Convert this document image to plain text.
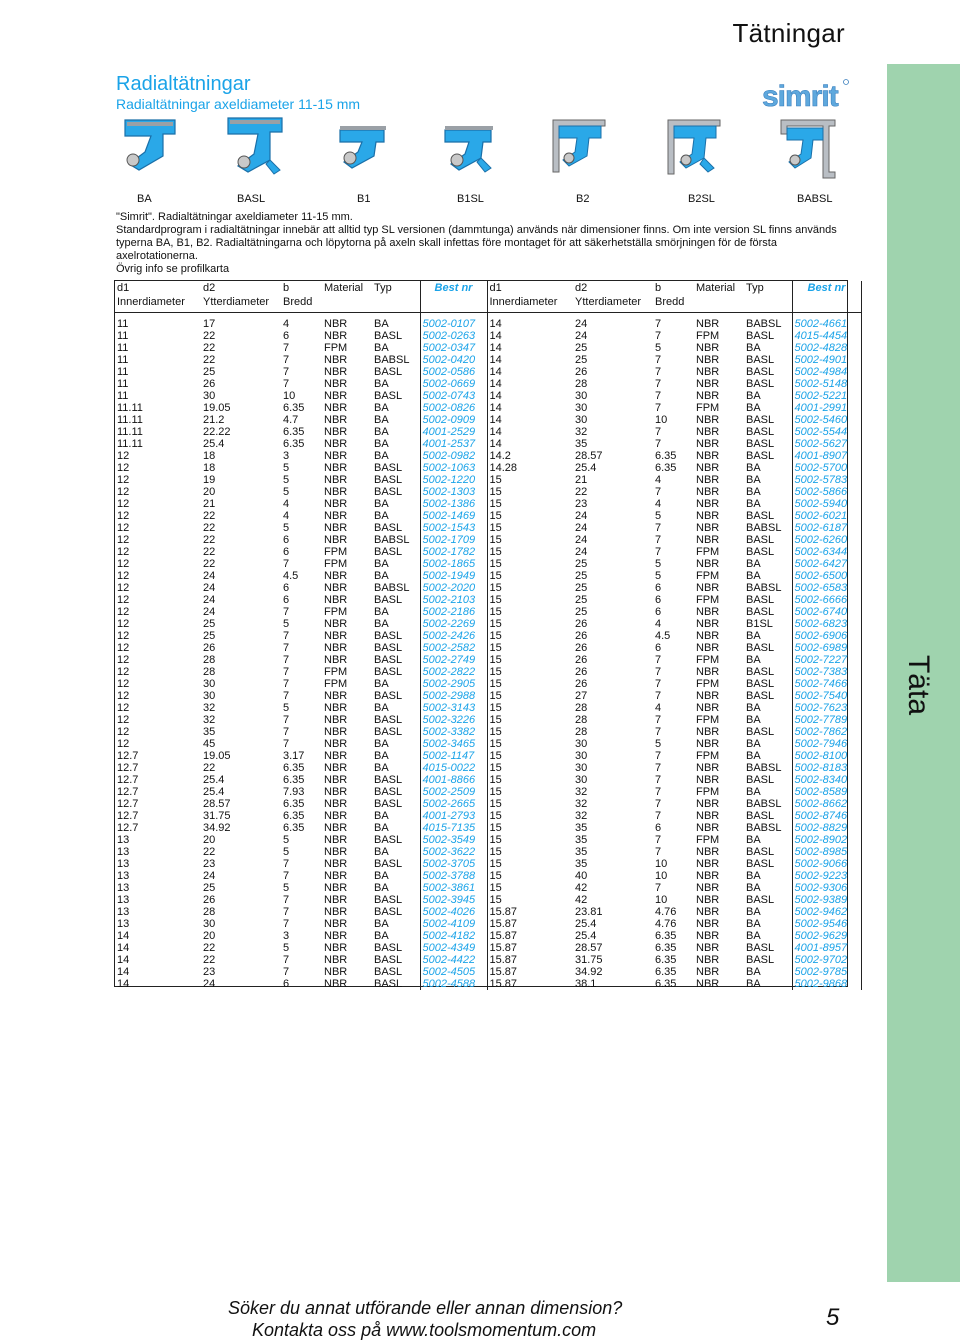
Tätningar
Radialtätningar
Radialtätningar axeldiameter 11-15 mm	simrit
BA	BASL	B1	B1SL	B2	B2SL	BABSL

"Simrit". Radialtätningar axeldiameter 11-15 mm.

Standardprogram i radialtätningar innebär att alltid typ SL versionen (dammtunga) används när dimensioner finns. Om inte version SL finns används typerna BA, B1, B2. Radialtätningarna och löpytorna på axeln skall infettas före montaget för att säkerhetställa smörjningen för de första axelrotationerna.

Övrig info se profilkarta

d1	d2	b	Material	Typ	Best nr	d1	d2	b	Material	Typ	Best nr
Innerdiameter	Ytterdiameter	Bredd				Innerdiameter	Ytterdiameter	Bredd			
11	17	4	NBR	BA	5002-0107	14	24	7	NBR	BABSL	5002-4661
11	22	6	NBR	BASL	5002-0263	14	24	7	FPM	BASL	4015-4454
11	22	7	FPM	BA	5002-0347	14	25	5	NBR	BA	5002-4828
11	22	7	NBR	BABSL	5002-0420	14	25	7	NBR	BASL	5002-4901
11	25	7	NBR	BASL	5002-0586	14	26	7	NBR	BASL	5002-4984
11	26	7	NBR	BA	5002-0669	14	28	7	NBR	BASL	5002-5148
11	30	10	NBR	BASL	5002-0743	14	30	7	NBR	BA	5002-5221
11.11	19.05	6.35	NBR	BA	5002-0826	14	30	7	FPM	BA	4001-2991
11.11	21.2	4.7	NBR	BA	5002-0909	14	30	10	NBR	BASL	5002-5460
11.11	22.22	6.35	NBR	BA	4001-2529	14	32	7	NBR	BASL	5002-5544
11.11	25.4	6.35	NBR	BA	4001-2537	14	35	7	NBR	BASL	5002-5627
12	18	3	NBR	BA	5002-0982	14.2	28.57	6.35	NBR	BASL	4001-8907
12	18	5	NBR	BASL	5002-1063	14.28	25.4	6.35	NBR	BA	5002-5700
12	19	5	NBR	BASL	5002-1220	15	21	4	NBR	BA	5002-5783
12	20	5	NBR	BASL	5002-1303	15	22	7	NBR	BA	5002-5866
12	21	4	NBR	BA	5002-1386	15	23	4	NBR	BA	5002-5940
12	22	4	NBR	BA	5002-1469	15	24	5	NBR	BASL	5002-6021
12	22	5	NBR	BASL	5002-1543	15	24	7	NBR	BABSL	5002-6187
12	22	6	NBR	BABSL	5002-1709	15	24	7	NBR	BASL	5002-6260
12	22	6	FPM	BASL	5002-1782	15	24	7	FPM	BASL	5002-6344
12	22	7	FPM	BA	5002-1865	15	25	5	NBR	BA	5002-6427
12	24	4.5	NBR	BA	5002-1949	15	25	5	FPM	BA	5002-6500
12	24	6	NBR	BABSL	5002-2020	15	25	6	NBR	BABSL	5002-6583
12	24	6	NBR	BASL	5002-2103	15	25	6	FPM	BASL	5002-6666
12	24	7	FPM	BA	5002-2186	15	25	6	NBR	BASL	5002-6740
12	25	5	NBR	BA	5002-2269	15	26	4	NBR	B1SL	5002-6823
12	25	7	NBR	BASL	5002-2426	15	26	4.5	NBR	BA	5002-6906
12	26	7	NBR	BASL	5002-2582	15	26	6	NBR	BASL	5002-6989
12	28	7	NBR	BASL	5002-2749	15	26	7	FPM	BA	5002-7227
12	28	7	FPM	BASL	5002-2822	15	26	7	NBR	BASL	5002-7383
12	30	7	FPM	BA	5002-2905	15	26	7	FPM	BASL	5002-7466
12	30	7	NBR	BASL	5002-2988	15	27	7	NBR	BASL	5002-7540
12	32	5	NBR	BA	5002-3143	15	28	4	NBR	BA	5002-7623
12	32	7	NBR	BASL	5002-3226	15	28	7	FPM	BA	5002-7789
12	35	7	NBR	BASL	5002-3382	15	28	7	NBR	BASL	5002-7862
12	45	7	NBR	BA	5002-3465	15	30	5	NBR	BA	5002-7946
12.7	19.05	3.17	NBR	BA	5002-1147	15	30	7	FPM	BA	5002-8100
12.7	22	6.35	NBR	BA	4015-0022	15	30	7	NBR	BABSL	5002-8183
12.7	25.4	6.35	NBR	BASL	4001-8866	15	30	7	NBR	BASL	5002-8340
12.7	25.4	7.93	NBR	BASL	5002-2509	15	32	7	FPM	BA	5002-8589
12.7	28.57	6.35	NBR	BASL	5002-2665	15	32	7	NBR	BABSL	5002-8662
12.7	31.75	6.35	NBR	BA	4001-2793	15	32	7	NBR	BASL	5002-8746
12.7	34.92	6.35	NBR	BA	4015-7135	15	35	6	NBR	BABSL	5002-8829
13	20	5	NBR	BASL	5002-3549	15	35	7	FPM	BA	5002-8902
13	22	5	NBR	BA	5002-3622	15	35	7	NBR	BASL	5002-8985
13	23	7	NBR	BASL	5002-3705	15	35	10	NBR	BASL	5002-9066
13	24	7	NBR	BA	5002-3788	15	40	10	NBR	BA	5002-9223
13	25	5	NBR	BA	5002-3861	15	42	7	NBR	BA	5002-9306
13	26	7	NBR	BASL	5002-3945	15	42	10	NBR	BASL	5002-9389
13	28	7	NBR	BASL	5002-4026	15.87	23.81	4.76	NBR	BA	5002-9462
13	30	7	NBR	BA	5002-4109	15.87	25.4	4.76	NBR	BA	5002-9546
14	20	3	NBR	BA	5002-4182	15.87	25.4	6.35	NBR	BA	5002-9629
14	22	5	NBR	BASL	5002-4349	15.87	28.57	6.35	NBR	BASL	4001-8957
14	22	7	NBR	BASL	5002-4422	15.87	31.75	6.35	NBR	BASL	5002-9702
14	23	7	NBR	BASL	5002-4505	15.87	34.92	6.35	NBR	BA	5002-9785
14	24	6	NBR	BASL	5002-4588	15.87	38.1	6.35	NBR	BA	5002-9868
Täta
Söker du annat utförande eller annan dimension?
Kontakta oss på www.toolsmomentum.com	5
